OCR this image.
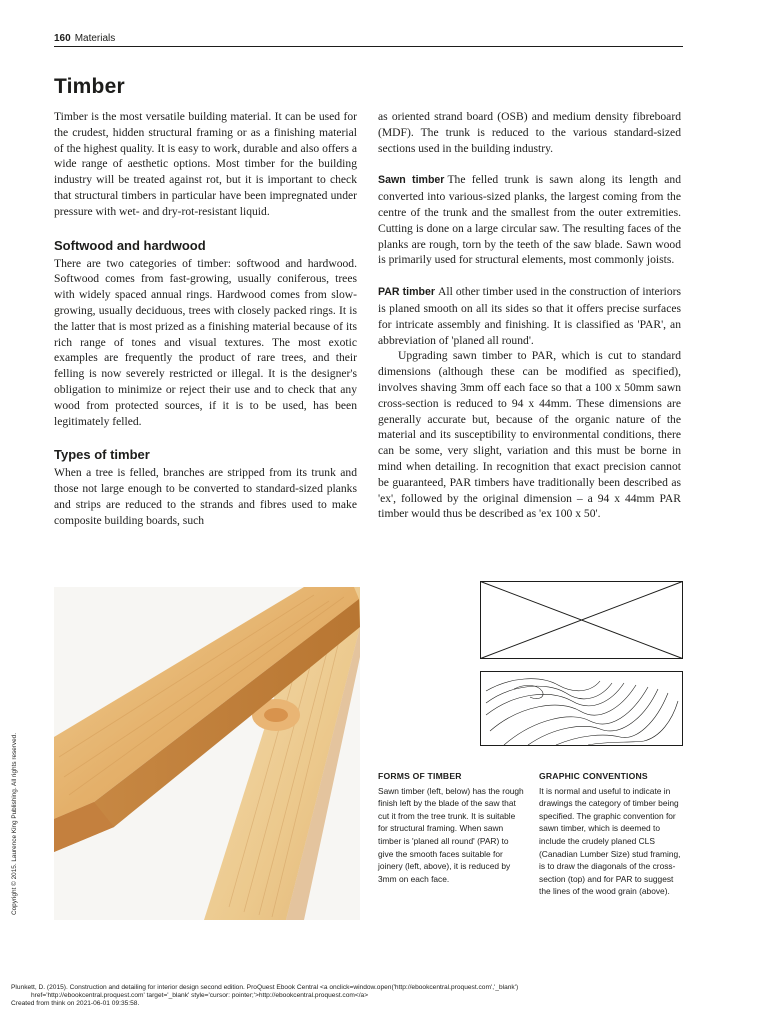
160 Materials
Timber

Timber is the most versatile building material. It can be used for the crudest, hidden structural framing or as a finishing material of the highest quality. It is easy to work, durable and also offers a wide range of aesthetic options. Most timber for the building industry will be treated against rot, but it is important to check that structural timbers in particular have been impregnated under pressure with wet- and dry-rot-resistant liquid.

Softwood and hardwood

There are two categories of timber: softwood and hardwood. Softwood comes from fast-growing, usually coniferous, trees with widely spaced annual rings. Hardwood comes from slow-growing, usually deciduous, trees with closely packed rings. It is the latter that is most prized as a finishing material because of its rich range of tones and visual textures. The most exotic examples are frequently the product of rare trees, and their felling is now severely restricted or illegal. It is the designer's obligation to minimize or reject their use and to check that any wood from protected sources, if it is to be used, has been legitimately felled.

Types of timber

When a tree is felled, branches are stripped from its trunk and those not large enough to be converted to standard-sized planks and strips are reduced to the strands and fibres used to make composite building boards, such

as oriented strand board (OSB) and medium density fibreboard (MDF). The trunk is reduced to the various standard-sized sections used in the building industry.

Sawn timber The felled trunk is sawn along its length and converted into various-sized planks, the largest coming from the centre of the trunk and the smallest from the outer extremities. Cutting is done on a large circular saw. The resulting faces of the planks are rough, torn by the teeth of the saw blade. Sawn wood is primarily used for structural elements, most commonly joists.

PAR timber All other timber used in the construction of interiors is planed smooth on all its sides so that it offers precise surfaces for intricate assembly and finishing. It is classified as 'PAR', an abbreviation of 'planed all round'.

Upgrading sawn timber to PAR, which is cut to standard dimensions (although these can be modified as specified), involves shaving 3mm off each face so that a 100 x 50mm sawn cross-section is reduced to 94 x 44mm. These dimensions are generally accurate but, because of the organic nature of the material and its susceptibility to environmental conditions, there can be some, very slight, variation and this must be borne in mind when detailing. In recognition that exact precision cannot be guaranteed, PAR timbers have traditionally been described as 'ex', followed by the original dimension – a 94 x 44mm PAR timber would thus be described as 'ex 100 x 50'.

FORMS OF TIMBER

Sawn timber (left, below) has the rough finish left by the blade of the saw that cut it from the tree trunk. It is suitable for structural framing. When sawn timber is 'planed all round' (PAR) to give the smooth faces suitable for joinery (left, above), it is reduced by 3mm on each face.

GRAPHIC CONVENTIONS

It is normal and useful to indicate in drawings the category of timber being specified. The graphic convention for sawn timber, which is deemed to include the crudely planed CLS (Canadian Lumber Size) stud framing, is to draw the diagonals of the cross-section (top) and for PAR to suggest the lines of the wood grain (above).

Copyright © 2015. Laurence King Publishing. All rights reserved.
Plunkett, D. (2015). Construction and detailing for interior design second edition. ProQuest Ebook Central <a onclick=window.open('http://ebookcentral.proquest.com','_blank')
href='http://ebookcentral.proquest.com' target='_blank' style='cursor: pointer;'>http://ebookcentral.proquest.com</a>
Created from think on 2021-06-01 09:35:58.
